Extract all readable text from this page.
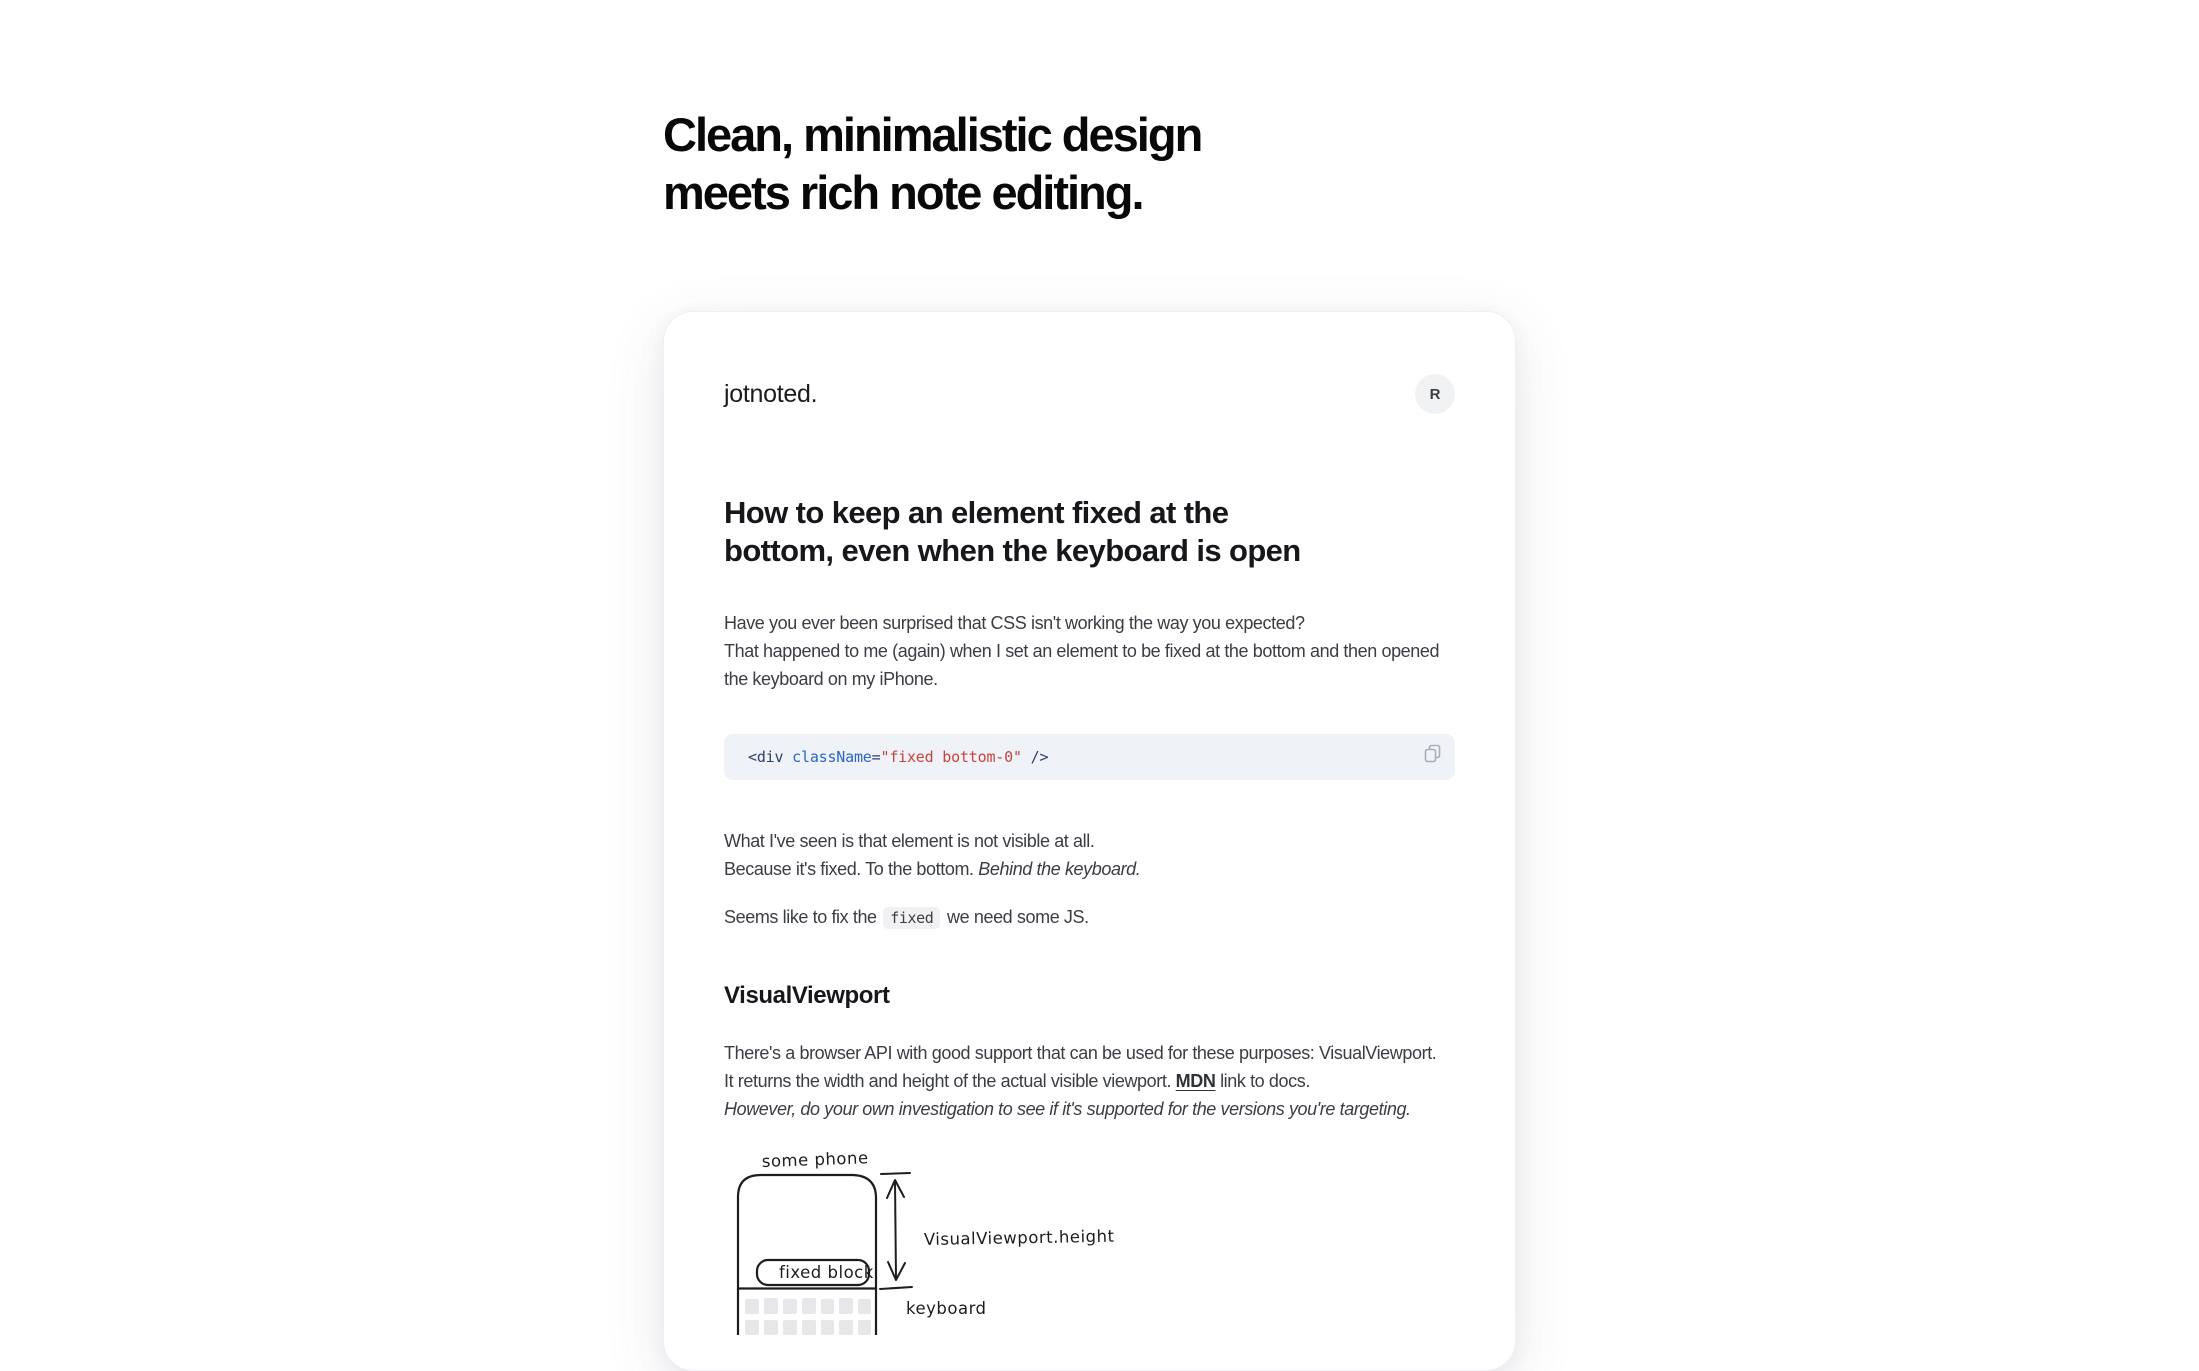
Clean, minimalistic design
meets rich note editing.
jotnoted.	R
How to keep an element fixed at the
bottom, even when the keyboard is open

Have you ever been surprised that CSS isn't working the way you expected?
That happened to me (again) when I set an element to be fixed at the bottom and then opened the keyboard on my iPhone.

<div className="fixed bottom-0" />

What I've seen is that element is not visible at all.
Because it's fixed. To the bottom. Behind the keyboard.

Seems like to fix the fixed we need some JS.

VisualViewport

There's a browser API with good support that can be used for these purposes: VisualViewport.
It returns the width and height of the actual visible viewport. MDN link to docs.
However, do your own investigation to see if it's supported for the versions you're targeting.

some phone
fixed block
VisualViewport.height
keyboard
